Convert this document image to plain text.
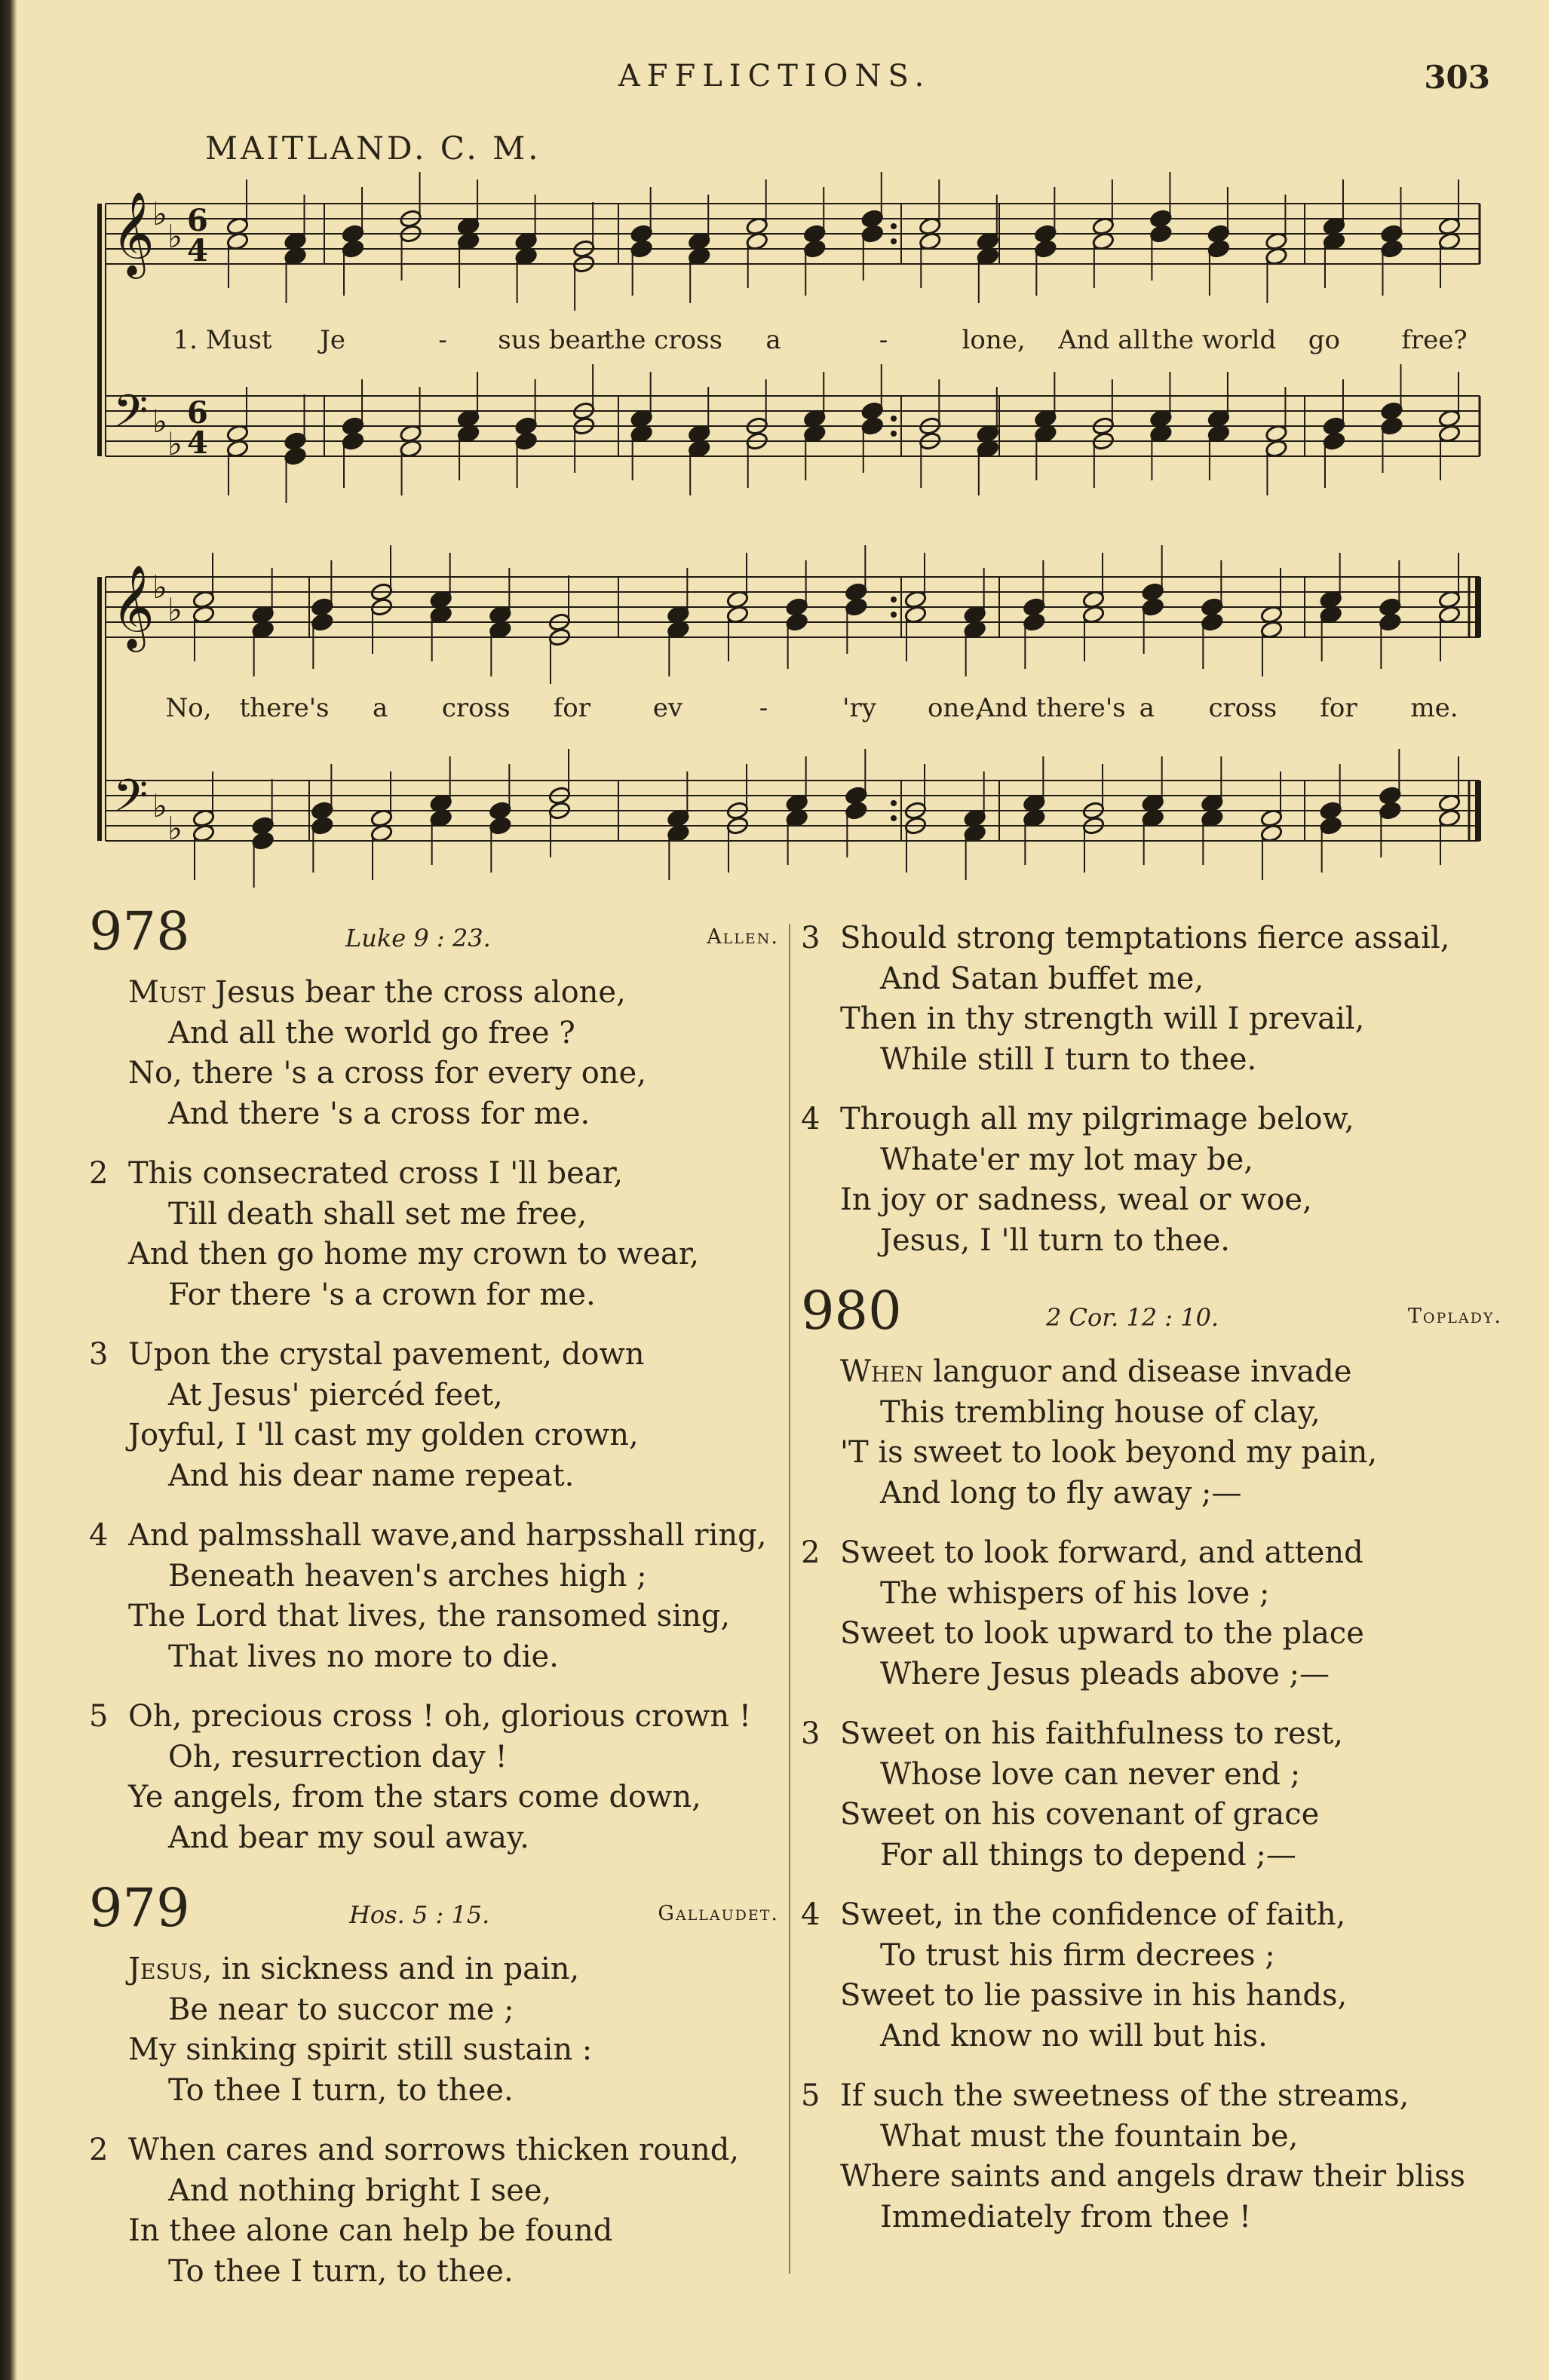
AFFLICTIONS.	303
MAITLAND. C. M.
𝄞
𝄢
♭
♭
♭
♭
6
4
6
4
1. Must Je	- sus bear
the cross a	-	lone, And all the world go free?
𝄞
𝄢
♭
♭
♭
♭
No, there's a cross for ev	-	'ry one,
And there's a cross for me.
978	Luke 9 : 23.	Allen.
Must Jesus bear the cross alone,
And all the world go free ?
No, there 's a cross for every one,
And there 's a cross for me.
2 This consecrated cross I 'll bear,
Till death shall set me free,
And then go home my crown to wear,
For there 's a crown for me.
3 Upon the crystal pavement, down
At Jesus' piercéd feet,
Joyful, I 'll cast my golden crown,
And his dear name repeat.
4 And palmsshall wave,and harpsshall ring,
Beneath heaven's arches high ;
The Lord that lives, the ransomed sing,
That lives no more to die.
5 Oh, precious cross ! oh, glorious crown !
Oh, resurrection day !
Ye angels, from the stars come down,
And bear my soul away.
979	Hos. 5 : 15.	Gallaudet.
Jesus, in sickness and in pain,
Be near to succor me ;
My sinking spirit still sustain :
To thee I turn, to thee.
2 When cares and sorrows thicken round,
And nothing bright I see,
In thee alone can help be found
To thee I turn, to thee.
3 Should strong temptations fierce assail,
And Satan buffet me,
Then in thy strength will I prevail,
While still I turn to thee.
4 Through all my pilgrimage below,
Whate'er my lot may be,
In joy or sadness, weal or woe,
Jesus, I 'll turn to thee.
980	2 Cor. 12 : 10.	Toplady.
When languor and disease invade
This trembling house of clay,
'T is sweet to look beyond my pain,
And long to fly away ;—
2 Sweet to look forward, and attend
The whispers of his love ;
Sweet to look upward to the place
Where Jesus pleads above ;—
3 Sweet on his faithfulness to rest,
Whose love can never end ;
Sweet on his covenant of grace
For all things to depend ;—
4 Sweet, in the confidence of faith,
To trust his firm decrees ;
Sweet to lie passive in his hands,
And know no will but his.
5 If such the sweetness of the streams,
What must the fountain be,
Where saints and angels draw their bliss
Immediately from thee !
